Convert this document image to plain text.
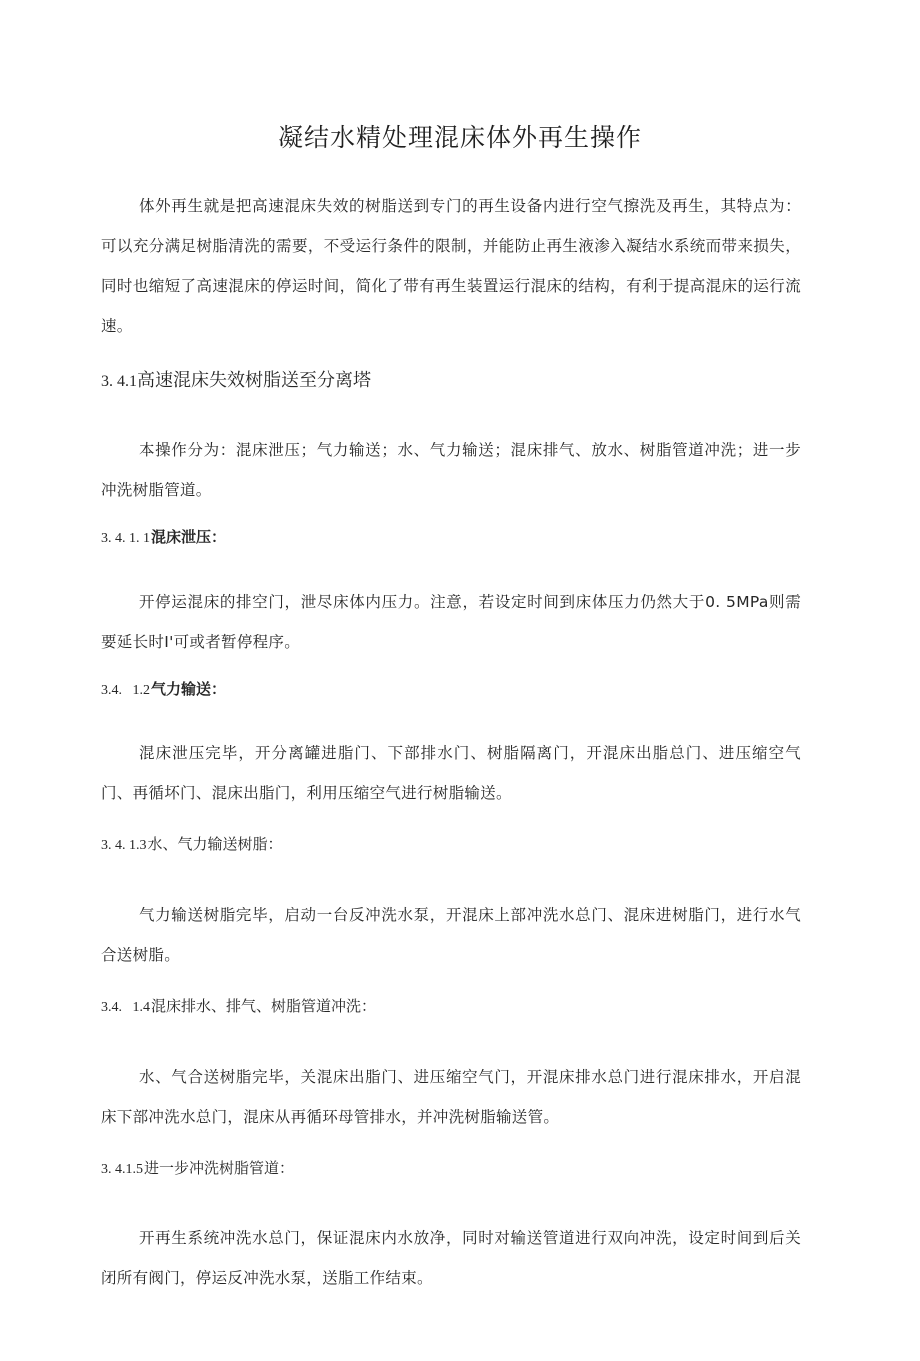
凝结水精处理混床体外再生操作

体外再生就是把高速混床失效的树脂送到专门的再生设备内进行空气擦洗及再生，其特点为：可以充分满足树脂清洗的需要，不受运行条件的限制，并能防止再生液渗入凝结水系统而带来损失，同时也缩短了高速混床的停运时间，简化了带有再生装置运行混床的结构，有利于提高混床的运行流速。

3. 4.1高速混床失效树脂送至分离塔

本操作分为：混床泄压；气力输送；水、气力输送；混床排气、放水、树脂管道冲洗；进一步冲洗树脂管道。

3. 4. 1. 1混床泄压：

开停运混床的排空门，泄尽床体内压力。注意，若设定时间到床体压力仍然大于0. 5MPa则需要延长时I'可或者暂停程序。

3.4.   1.2气力输送：

混床泄压完毕，开分离罐进脂门、下部排水门、树脂隔离门，开混床出脂总门、进压缩空气门、再循坏门、混床出脂门，利用压缩空气进行树脂输送。

3. 4. 1.3水、气力输送树脂：

气力输送树脂完毕，启动一台反冲洗水泵，开混床上部冲洗水总门、混床进树脂门，进行水气合送树脂。

3.4.   1.4混床排水、排气、树脂管道冲洗：

水、气合送树脂完毕，关混床出脂门、进压缩空气门，开混床排水总门进行混床排水，开启混床下部冲洗水总门，混床从再循环母管排水，并冲洗树脂输送管。

3. 4.1.5进一步冲洗树脂管道：

开再生系统冲洗水总门，保证混床内水放净，同时对输送管道进行双向冲洗，设定时间到后关闭所有阀门，停运反冲洗水泵，送脂工作结束。
